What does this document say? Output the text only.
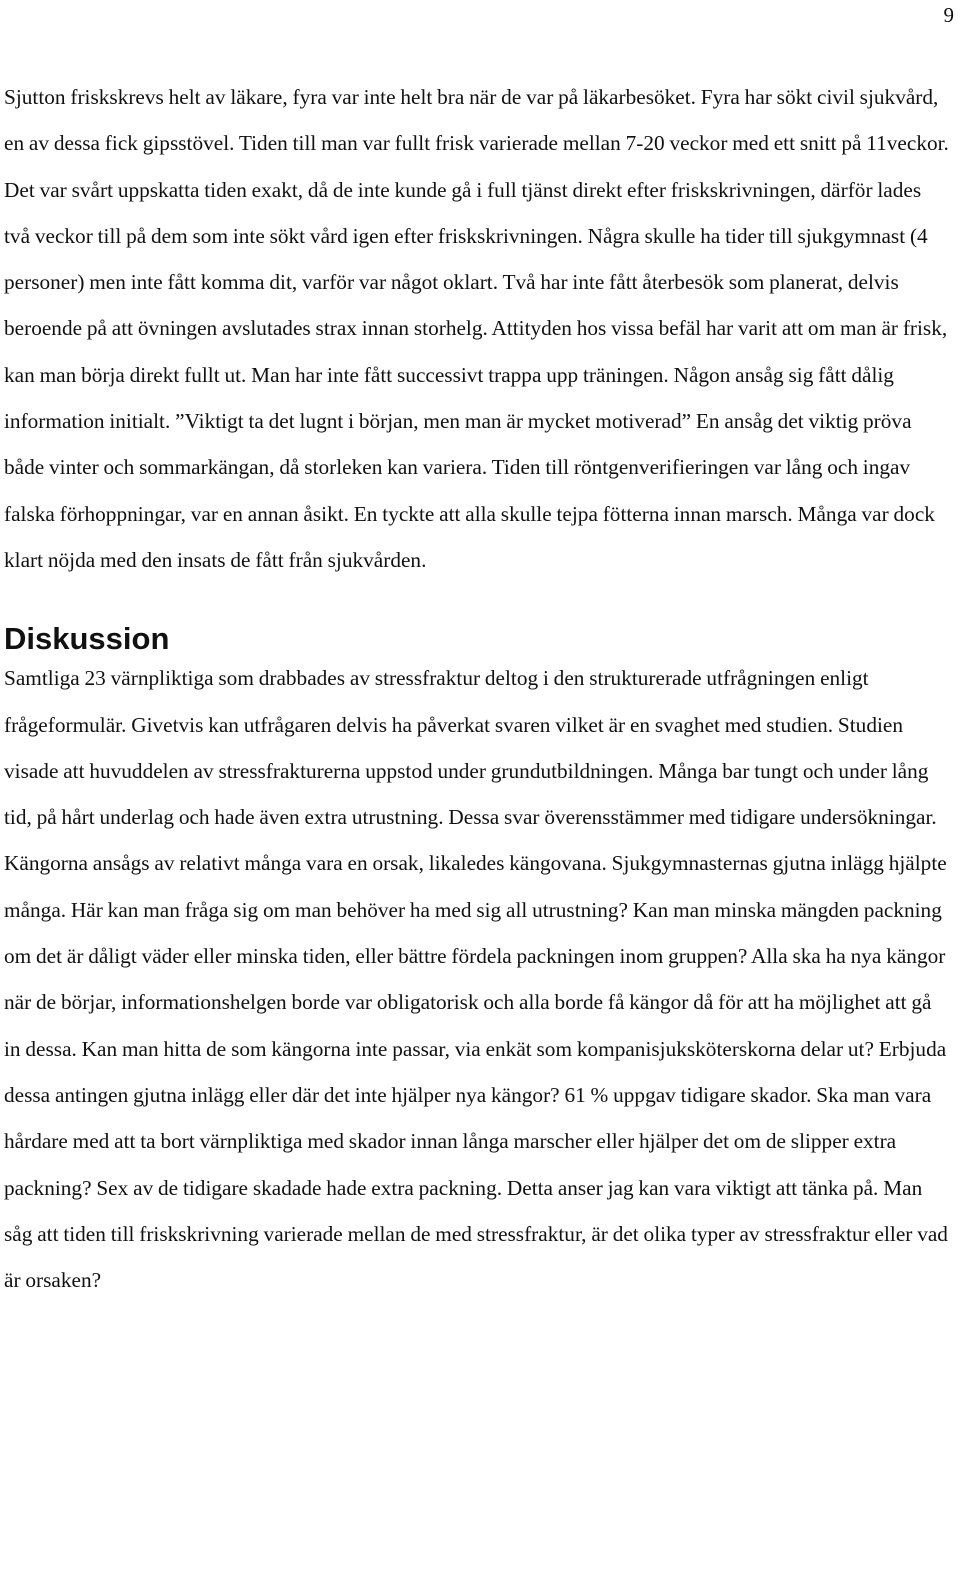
9

Sjutton friskskrevs helt av läkare, fyra var inte helt bra när de var på läkarbesöket. Fyra har sökt civil sjukvård, en av dessa fick gipsstövel. Tiden till man var fullt frisk varierade mellan 7-20 veckor med ett snitt på 11veckor. Det var svårt uppskatta tiden exakt, då de inte kunde gå i full tjänst direkt efter friskskrivningen, därför lades två veckor till på dem som inte sökt vård igen efter friskskrivningen. Några skulle ha tider till sjukgymnast (4 personer) men inte fått komma dit, varför var något oklart. Två har inte fått återbesök som planerat, delvis beroende på att övningen avslutades strax innan storhelg. Attityden hos vissa befäl har varit att om man är frisk, kan man börja direkt fullt ut. Man har inte fått successivt trappa upp träningen. Någon ansåg sig fått dålig information initialt. ”Viktigt ta det lugnt i början, men man är mycket motiverad” En ansåg det viktig pröva både vinter och sommarkängan, då storleken kan variera. Tiden till röntgenverifieringen var lång och ingav falska förhoppningar, var en annan åsikt. En tyckte att alla skulle tejpa fötterna innan marsch. Många var dock klart nöjda med den insats de fått från sjukvården.

Diskussion

Samtliga 23 värnpliktiga som drabbades av stressfraktur deltog i den strukturerade utfrågningen enligt frågeformulär. Givetvis kan utfrågaren delvis ha påverkat svaren vilket är en svaghet med studien. Studien visade att huvuddelen av stressfrakturerna uppstod under grundutbildningen. Många bar tungt och under lång tid, på hårt underlag och hade även extra utrustning. Dessa svar överensstämmer med tidigare undersökningar. Kängorna ansågs av relativt många vara en orsak, likaledes kängovana. Sjukgymnasternas gjutna inlägg hjälpte många. Här kan man fråga sig om man behöver ha med sig all utrustning? Kan man minska mängden packning om det är dåligt väder eller minska tiden, eller bättre fördela packningen inom gruppen? Alla ska ha nya kängor när de börjar, informationshelgen borde var obligatorisk och alla borde få kängor då för att ha möjlighet att gå in dessa. Kan man hitta de som kängorna inte passar, via enkät som kompanisjuksköterskorna delar ut? Erbjuda dessa antingen gjutna inlägg eller där det inte hjälper nya kängor? 61 % uppgav tidigare skador. Ska man vara hårdare med att ta bort värnpliktiga med skador innan långa marscher eller hjälper det om de slipper extra packning? Sex av de tidigare skadade hade extra packning. Detta anser jag kan vara viktigt att tänka på. Man såg att tiden till friskskrivning varierade mellan de med stressfraktur, är det olika typer av stressfraktur eller vad är orsaken?
